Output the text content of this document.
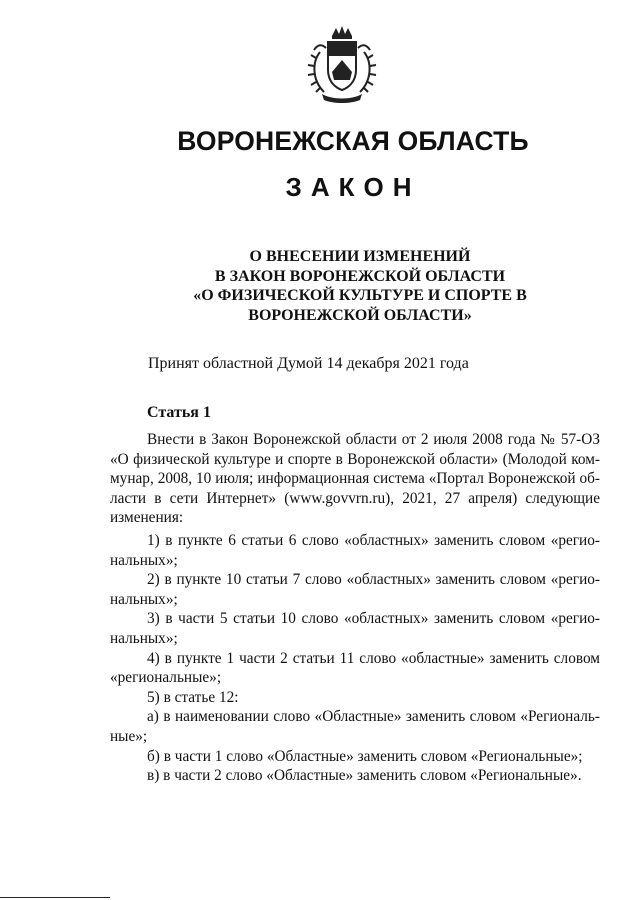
ВОРОНЕЖСКАЯ ОБЛАСТЬ
ЗАКОН
О ВНЕСЕНИИ ИЗМЕНЕНИЙ
В ЗАКОН ВОРОНЕЖСКОЙ ОБЛАСТИ
«О ФИЗИЧЕСКОЙ КУЛЬТУРЕ И СПОРТЕ В
ВОРОНЕЖСКОЙ ОБЛАСТИ»
Принят областной Думой 14 декабря 2021 года
Статья 1
Внести в Закон Воронежской области от 2 июля 2008 года № 57-ОЗ
«О физической культуре и спорте в Воронежской области» (Молодой ком-
мунар, 2008, 10 июля; информационная система «Портал Воронежской об-
ласти в сети Интернет» (www.govvrn.ru), 2021, 27 апреля) следующие
изменения:
1) в пункте 6 статьи 6 слово «областных» заменить словом «регио-
нальных»;
2) в пункте 10 статьи 7 слово «областных» заменить словом «регио-
нальных»;
3) в части 5 статьи 10 слово «областных» заменить словом «регио-
нальных»;
4) в пункте 1 части 2 статьи 11 слово «областные» заменить словом
«региональные»;
5) в статье 12:
а) в наименовании слово «Областные» заменить словом «Региональ-
ные»;
б) в части 1 слово «Областные» заменить словом «Региональные»;
в) в части 2 слово «Областные» заменить словом «Региональные».
